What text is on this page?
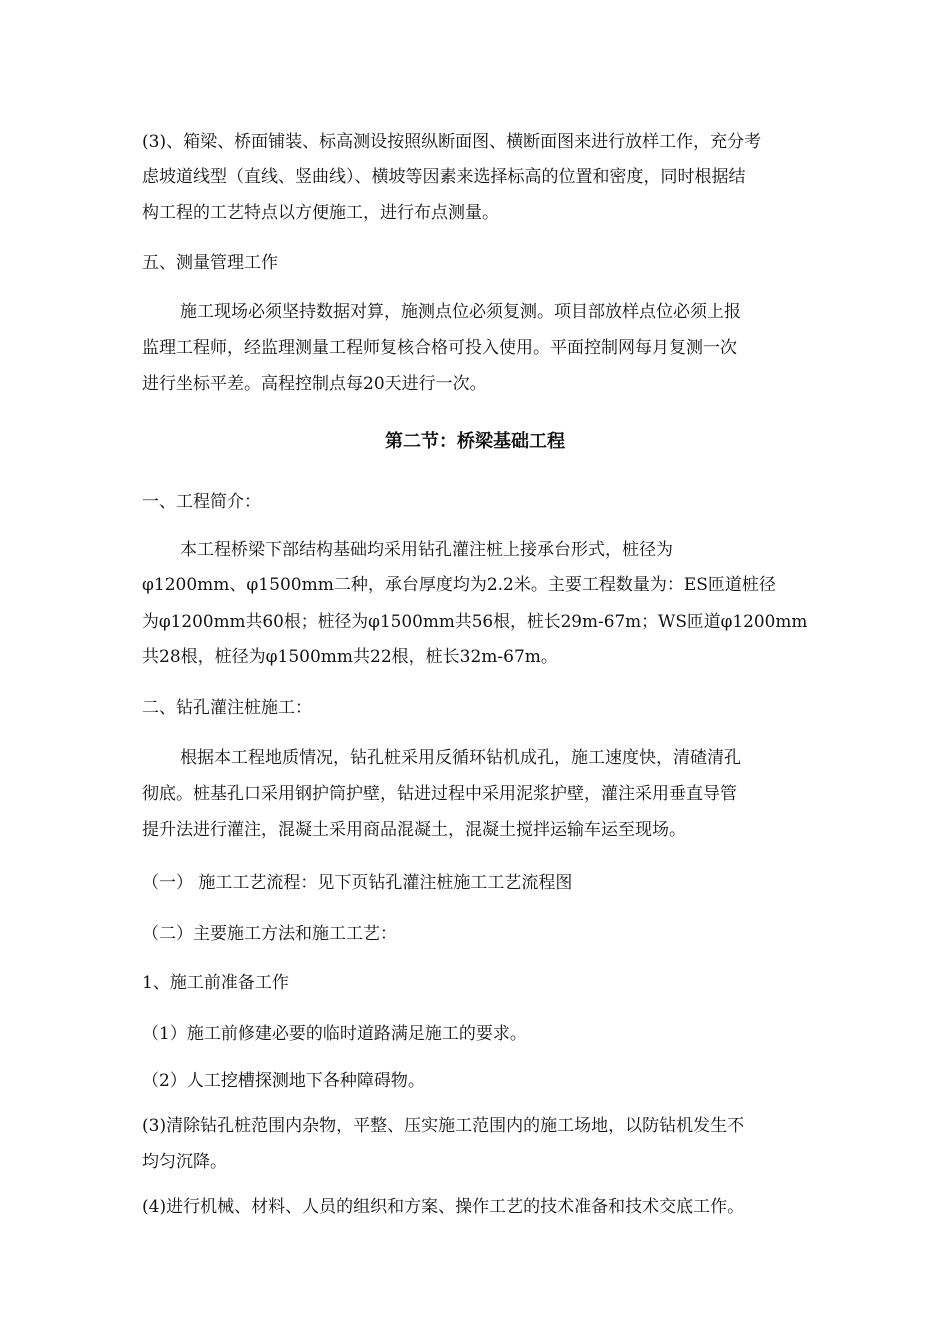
(3)、箱梁、桥面铺装、标高测设按照纵断面图、横断面图来进行放样工作，充分考
虑坡道线型（直线、竖曲线）、横坡等因素来选择标高的位置和密度，同时根据结
构工程的工艺特点以方便施工，进行布点测量。
五、测量管理工作
施工现场必须坚持数据对算，施测点位必须复测。项目部放样点位必须上报
监理工程师，经监理测量工程师复核合格可投入使用。平面控制网每月复测一次
进行坐标平差。高程控制点每20天进行一次。
第二节：桥梁基础工程
一、工程简介：
本工程桥梁下部结构基础均采用钻孔灌注桩上接承台形式，桩径为
φ1200mm、φ1500mm二种，承台厚度均为2.2米。主要工程数量为：ES匝道桩径
为φ1200mm共60根；桩径为φ1500mm共56根，桩长29m-67m；WS匝道φ1200mm
共28根，桩径为φ1500mm共22根，桩长32m-67m。
二、钻孔灌注桩施工：
根据本工程地质情况，钻孔桩采用反循环钻机成孔，施工速度快，清碴清孔
彻底。桩基孔口采用钢护筒护壁，钻进过程中采用泥浆护壁，灌注采用垂直导管
提升法进行灌注，混凝土采用商品混凝土，混凝土搅拌运输车运至现场。
（一） 施工工艺流程：见下页钻孔灌注桩施工工艺流程图
（二）主要施工方法和施工工艺：
1、施工前准备工作
（1）施工前修建必要的临时道路满足施工的要求。
（2）人工挖槽探测地下各种障碍物。
(3)清除钻孔桩范围内杂物，平整、压实施工范围内的施工场地，以防钻机发生不
均匀沉降。
(4)进行机械、材料、人员的组织和方案、操作工艺的技术准备和技术交底工作。
